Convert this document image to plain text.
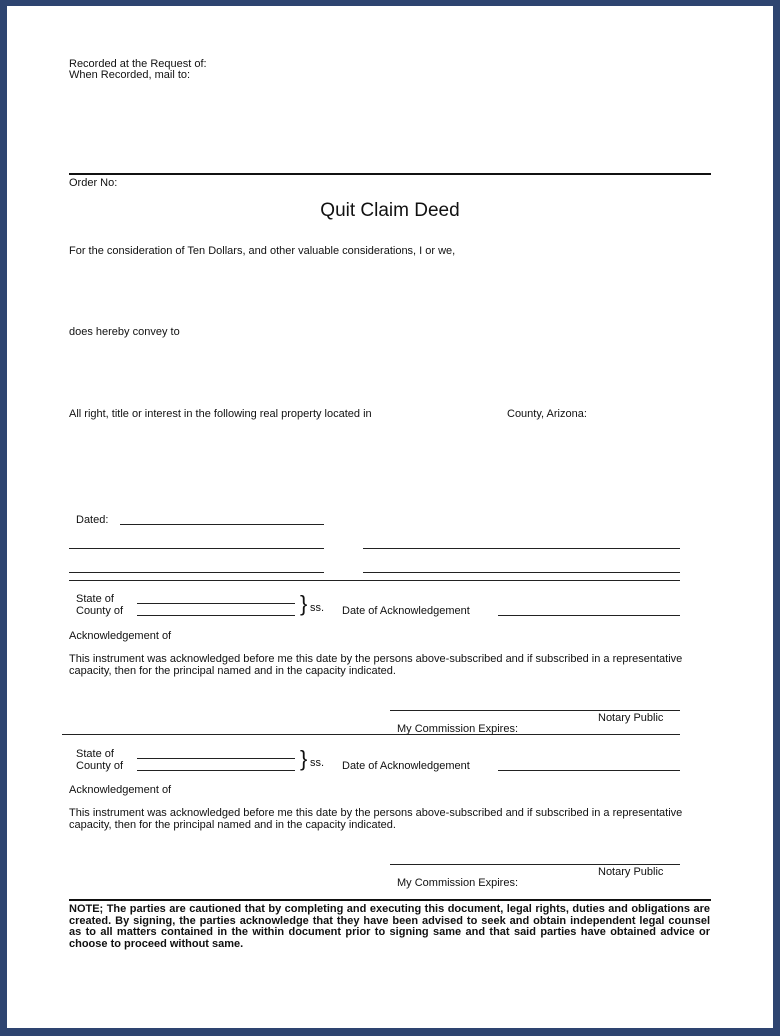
Recorded at the Request of:
When Recorded, mail to:
Order No:
Quit Claim Deed
For the consideration of Ten Dollars, and other valuable considerations, I or we,
does hereby convey to
All right, title or interest in the following real property located in	County, Arizona:
Dated:
State of
County of	} ss. Date of Acknowledgement
Acknowledgement of
This instrument was acknowledged before me this date by the persons above-subscribed and if subscribed in a representative capacity, then for the principal named and in the capacity indicated.
Notary Public
My Commission Expires:
State of
County of	} ss. Date of Acknowledgement
Acknowledgement of
This instrument was acknowledged before me this date by the persons above-subscribed and if subscribed in a representative capacity, then for the principal named and in the capacity indicated.
Notary Public
My Commission Expires:
NOTE; The parties are cautioned that by completing and executing this document, legal rights, duties and obligations are created. By signing, the parties acknowledge that they have been advised to seek and obtain independent legal counsel as to all matters contained in the within document prior to signing same and that said parties have obtained advice or choose to proceed without same.
